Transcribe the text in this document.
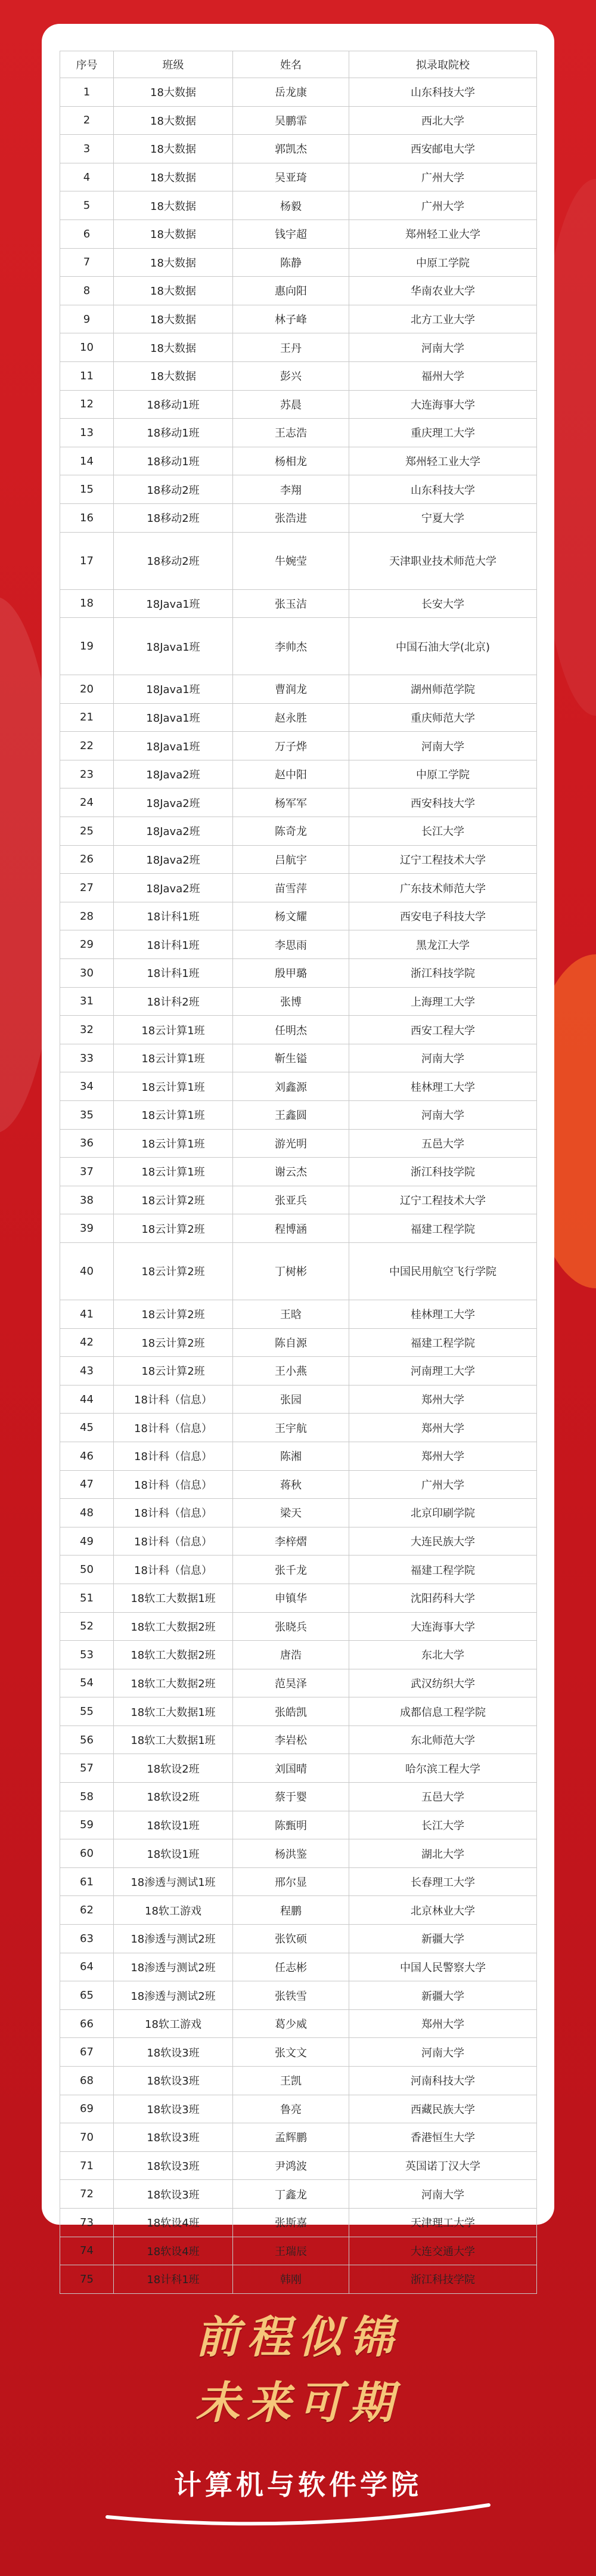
序号	班级	姓名	拟录取院校
1	18大数据	岳龙康	山东科技大学
2	18大数据	吴鹏霏	西北大学
3	18大数据	郭凯杰	西安邮电大学
4	18大数据	吴亚琦	广州大学
5	18大数据	杨毅	广州大学
6	18大数据	钱宇超	郑州轻工业大学
7	18大数据	陈静	中原工学院
8	18大数据	惠向阳	华南农业大学
9	18大数据	林子峰	北方工业大学
10	18大数据	王丹	河南大学
11	18大数据	彭兴	福州大学
12	18移动1班	苏晨	大连海事大学
13	18移动1班	王志浩	重庆理工大学
14	18移动1班	杨相龙	郑州轻工业大学
15	18移动2班	李翔	山东科技大学
16	18移动2班	张浩进	宁夏大学
17	18移动2班	牛婉莹	天津职业技术师范大学
18	18Java1班	张玉洁	长安大学
19	18Java1班	李帅杰	中国石油大学(北京)
20	18Java1班	曹润龙	湖州师范学院
21	18Java1班	赵永胜	重庆师范大学
22	18Java1班	万子烨	河南大学
23	18Java2班	赵中阳	中原工学院
24	18Java2班	杨军军	西安科技大学
25	18Java2班	陈奇龙	长江大学
26	18Java2班	吕航宇	辽宁工程技术大学
27	18Java2班	苗雪萍	广东技术师范大学
28	18计科1班	杨文耀	西安电子科技大学
29	18计科1班	李思雨	黑龙江大学
30	18计科1班	殷甲璐	浙江科技学院
31	18计科2班	张博	上海理工大学
32	18云计算1班	任明杰	西安工程大学
33	18云计算1班	靳生镒	河南大学
34	18云计算1班	刘鑫源	桂林理工大学
35	18云计算1班	王鑫圆	河南大学
36	18云计算1班	游光明	五邑大学
37	18云计算1班	谢云杰	浙江科技学院
38	18云计算2班	张亚兵	辽宁工程技术大学
39	18云计算2班	程博涵	福建工程学院
40	18云计算2班	丁树彬	中国民用航空飞行学院
41	18云计算2班	王晗	桂林理工大学
42	18云计算2班	陈自源	福建工程学院
43	18云计算2班	王小燕	河南理工大学
44	18计科（信息）	张园	郑州大学
45	18计科（信息）	王宇航	郑州大学
46	18计科（信息）	陈湘	郑州大学
47	18计科（信息）	蒋秋	广州大学
48	18计科（信息）	梁天	北京印刷学院
49	18计科（信息）	李梓熠	大连民族大学
50	18计科（信息）	张千龙	福建工程学院
51	18软工大数据1班	申镇华	沈阳药科大学
52	18软工大数据2班	张晓兵	大连海事大学
53	18软工大数据2班	唐浩	东北大学
54	18软工大数据2班	范昊泽	武汉纺织大学
55	18软工大数据1班	张皓凯	成都信息工程学院
56	18软工大数据1班	李岩松	东北师范大学
57	18软设2班	刘国晴	哈尔滨工程大学
58	18软设2班	蔡于婴	五邑大学
59	18软设1班	陈甄明	长江大学
60	18软设1班	杨洪鉴	湖北大学
61	18渗透与测试1班	邢尔显	长春理工大学
62	18软工游戏	程鹏	北京林业大学
63	18渗透与测试2班	张钦硕	新疆大学
64	18渗透与测试2班	任志彬	中国人民警察大学
65	18渗透与测试2班	张铁雪	新疆大学
66	18软工游戏	葛少威	郑州大学
67	18软设3班	张文文	河南大学
68	18软设3班	王凯	河南科技大学
69	18软设3班	鲁亮	西藏民族大学
70	18软设3班	孟辉鹏	香港恒生大学
71	18软设3班	尹鸿波	英国诺丁汉大学
72	18软设3班	丁鑫龙	河南大学
73	18软设4班	张斯嘉	天津理工大学
74	18软设4班	王瑞辰	大连交通大学
75	18计科1班	韩刚	浙江科技学院
前程似锦
未来可期
计算机与软件学院
